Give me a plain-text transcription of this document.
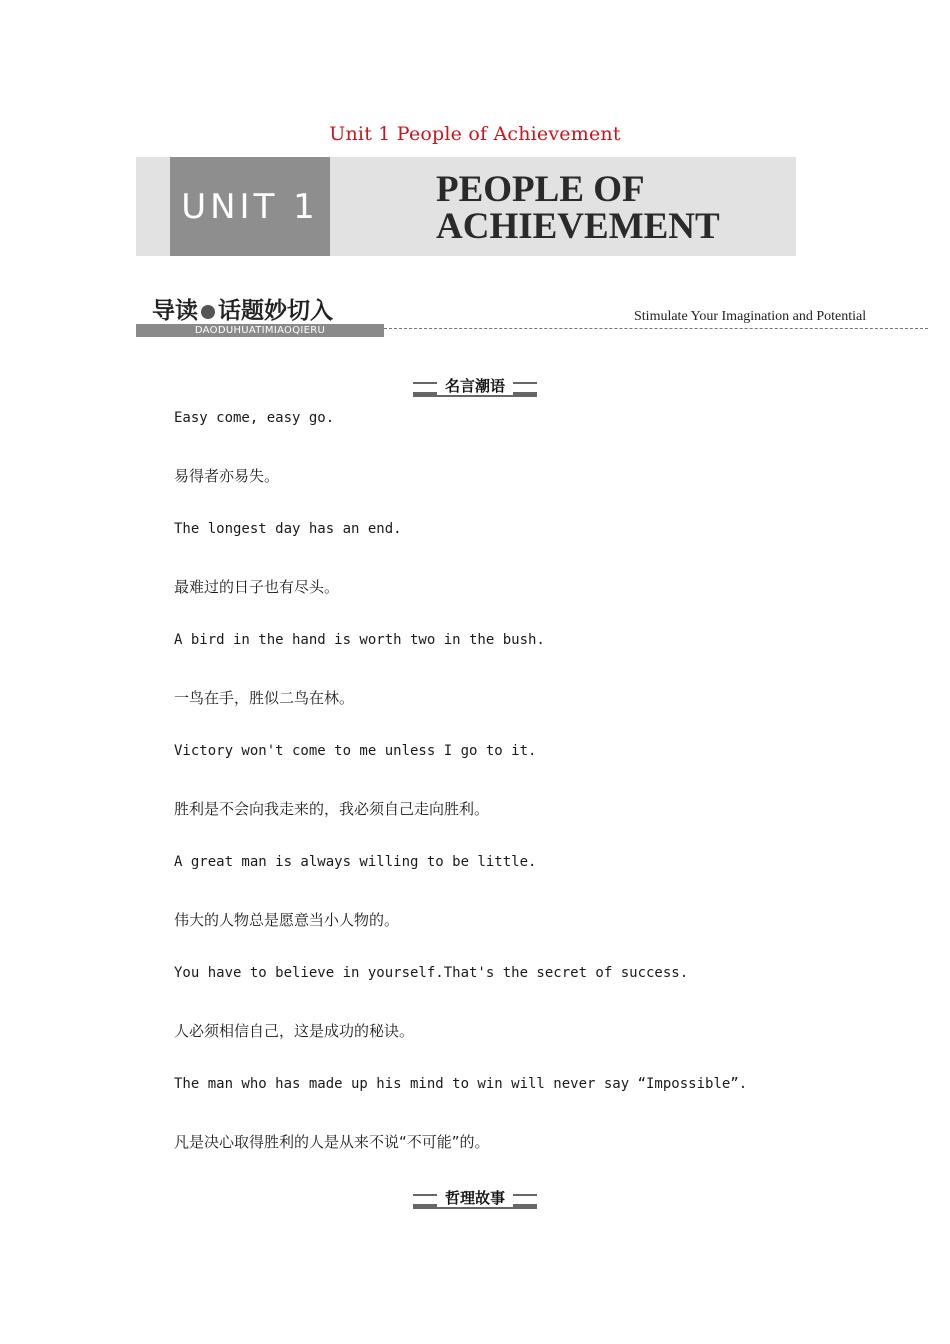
Unit 1 People of Achievement
UNIT 1	PEOPLE OF
ACHIEVEMENT
导读 话题妙切入
DAODUHUATIMIAOQIERU
Stimulate Your Imagination and Potential
名言潮语
Easy come, easy go.
易得者亦易失。
The longest day has an end.
最难过的日子也有尽头。
A bird in the hand is worth two in the bush.
一鸟在手，胜似二鸟在林。
Victory won't come to me unless I go to it.
胜利是不会向我走来的，我必须自己走向胜利。
A great man is always willing to be little.
伟大的人物总是愿意当小人物的。
You have to believe in yourself.That's the secret of success.
人必须相信自己，这是成功的秘诀。
The man who has made up his mind to win will never say “Impossible”.
凡是决心取得胜利的人是从来不说“不可能”的。
哲理故事
